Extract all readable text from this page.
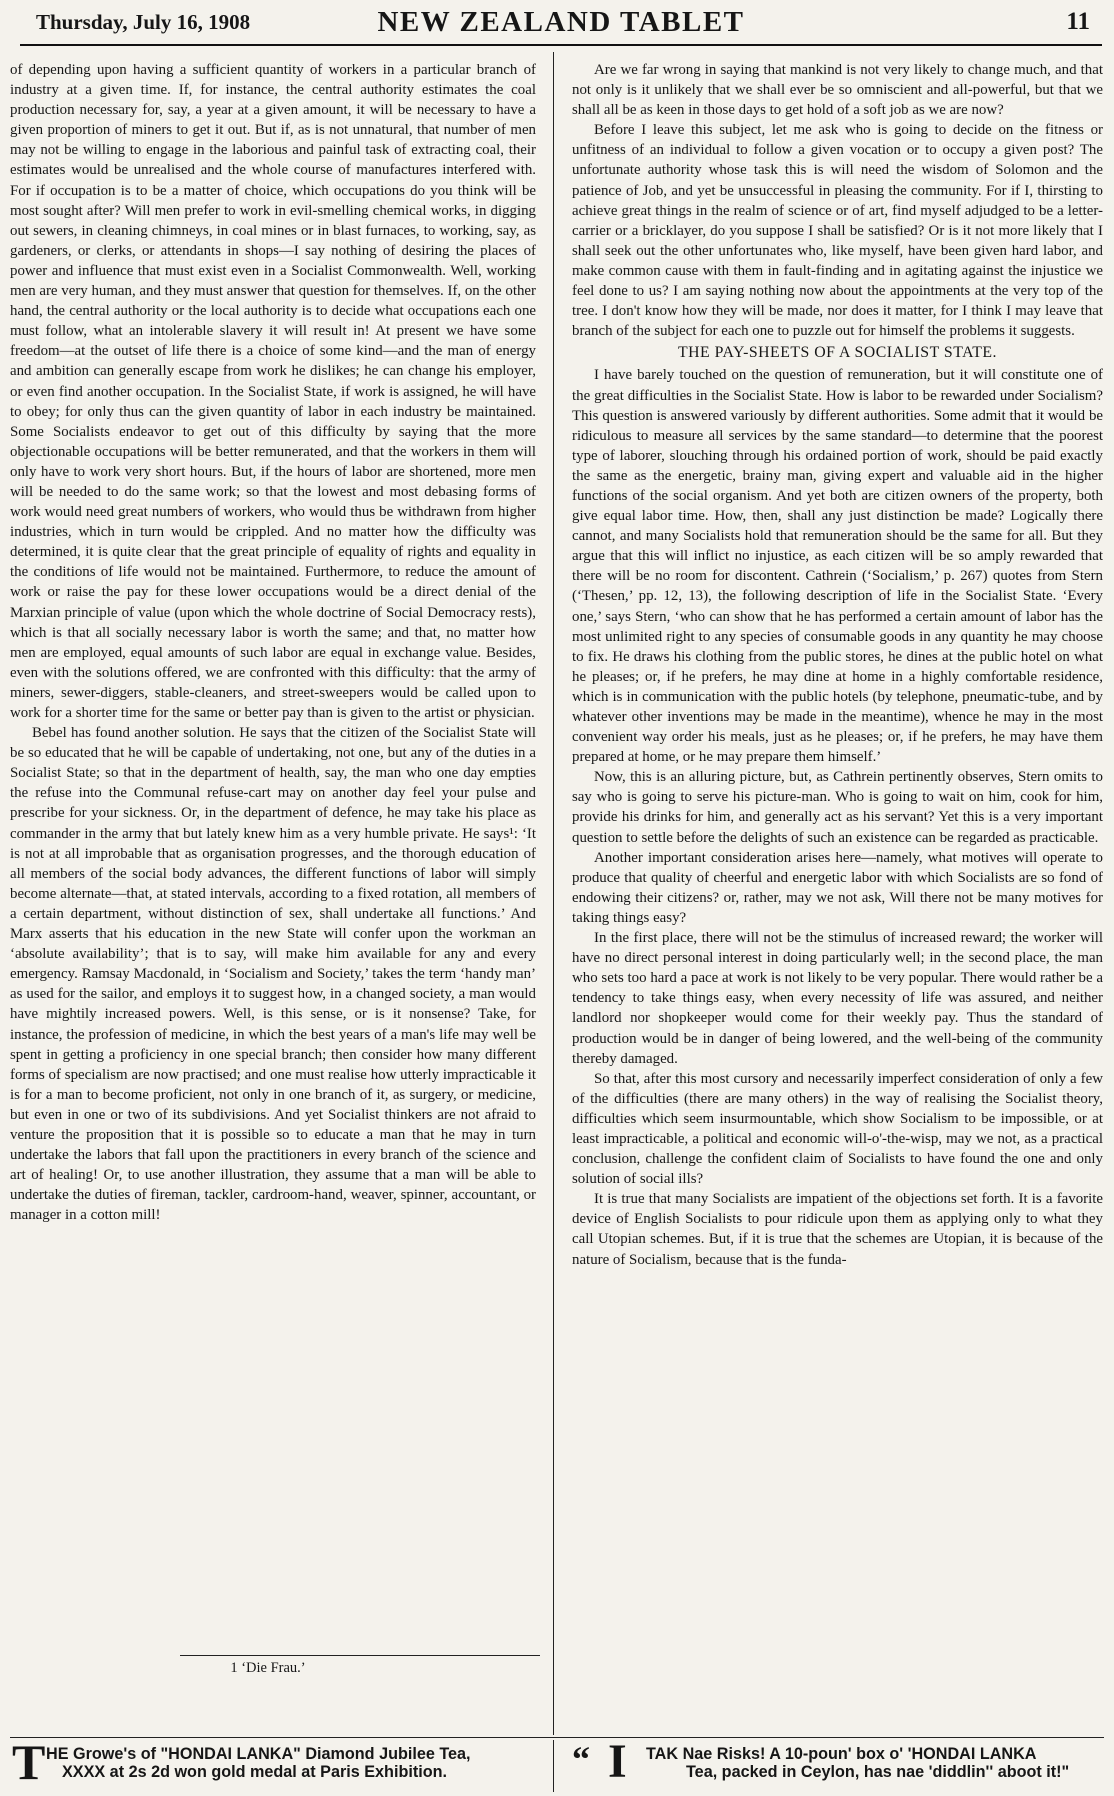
Thursday, July 16, 1908	NEW ZEALAND TABLET	11

of depending upon having a sufficient quantity of workers in a particular branch of industry at a given time. If, for instance, the central authority estimates the coal production necessary for, say, a year at a given amount, it will be necessary to have a given proportion of miners to get it out. But if, as is not unnatural, that number of men may not be willing to engage in the laborious and painful task of extracting coal, their estimates would be unrealised and the whole course of manufactures interfered with. For if occupation is to be a matter of choice, which occupations do you think will be most sought after? Will men prefer to work in evil-smelling chemical works, in digging out sewers, in cleaning chimneys, in coal mines or in blast furnaces, to working, say, as gardeners, or clerks, or attendants in shops—I say nothing of desiring the places of power and influence that must exist even in a Socialist Commonwealth. Well, working men are very human, and they must answer that question for themselves. If, on the other hand, the central authority or the local authority is to decide what occupations each one must follow, what an intolerable slavery it will result in! At present we have some freedom—at the outset of life there is a choice of some kind—and the man of energy and ambition can generally escape from work he dislikes; he can change his employer, or even find another occupation. In the Socialist State, if work is assigned, he will have to obey; for only thus can the given quantity of labor in each industry be maintained. Some Socialists endeavor to get out of this difficulty by saying that the more objectionable occupations will be better remunerated, and that the workers in them will only have to work very short hours. But, if the hours of labor are shortened, more men will be needed to do the same work; so that the lowest and most debasing forms of work would need great numbers of workers, who would thus be withdrawn from higher industries, which in turn would be crippled. And no matter how the difficulty was determined, it is quite clear that the great principle of equality of rights and equality in the conditions of life would not be maintained. Furthermore, to reduce the amount of work or raise the pay for these lower occupations would be a direct denial of the Marxian principle of value (upon which the whole doctrine of Social Democracy rests), which is that all socially necessary labor is worth the same; and that, no matter how men are employed, equal amounts of such labor are equal in exchange value. Besides, even with the solutions offered, we are confronted with this difficulty: that the army of miners, sewer-diggers, stable-cleaners, and street-sweepers would be called upon to work for a shorter time for the same or better pay than is given to the artist or physician.

Bebel has found another solution. He says that the citizen of the Socialist State will be so educated that he will be capable of undertaking, not one, but any of the duties in a Socialist State; so that in the department of health, say, the man who one day empties the refuse into the Communal refuse-cart may on another day feel your pulse and prescribe for your sickness. Or, in the department of defence, he may take his place as commander in the army that but lately knew him as a very humble private. He says¹: ‘It is not at all improbable that as organisation progresses, and the thorough education of all members of the social body advances, the different functions of labor will simply become alternate—that, at stated intervals, according to a fixed rotation, all members of a certain department, without distinction of sex, shall undertake all functions.’ And Marx asserts that his education in the new State will confer upon the workman an ‘absolute availability’; that is to say, will make him available for any and every emergency. Ramsay Macdonald, in ‘Socialism and Society,’ takes the term ‘handy man’ as used for the sailor, and employs it to suggest how, in a changed society, a man would have mightily increased powers. Well, is this sense, or is it nonsense? Take, for instance, the profession of medicine, in which the best years of a man's life may well be spent in getting a proficiency in one special branch; then consider how many different forms of specialism are now practised; and one must realise how utterly impracticable it is for a man to become proficient, not only in one branch of it, as surgery, or medicine, but even in one or two of its subdivisions. And yet Socialist thinkers are not afraid to venture the proposition that it is possible so to educate a man that he may in turn undertake the labors that fall upon the practitioners in every branch of the science and art of healing! Or, to use another illustration, they assume that a man will be able to undertake the duties of fireman, tackler, cardroom-hand, weaver, spinner, accountant, or manager in a cotton mill!

1 ‘Die Frau.’

Are we far wrong in saying that mankind is not very likely to change much, and that not only is it unlikely that we shall ever be so omniscient and all-powerful, but that we shall all be as keen in those days to get hold of a soft job as we are now?

Before I leave this subject, let me ask who is going to decide on the fitness or unfitness of an individual to follow a given vocation or to occupy a given post? The unfortunate authority whose task this is will need the wisdom of Solomon and the patience of Job, and yet be unsuccessful in pleasing the community. For if I, thirsting to achieve great things in the realm of science or of art, find myself adjudged to be a letter-carrier or a bricklayer, do you suppose I shall be satisfied? Or is it not more likely that I shall seek out the other unfortunates who, like myself, have been given hard labor, and make common cause with them in fault-finding and in agitating against the injustice we feel done to us? I am saying nothing now about the appointments at the very top of the tree. I don't know how they will be made, nor does it matter, for I think I may leave that branch of the subject for each one to puzzle out for himself the problems it suggests.

THE PAY-SHEETS OF A SOCIALIST STATE.

I have barely touched on the question of remuneration, but it will constitute one of the great difficulties in the Socialist State. How is labor to be rewarded under Socialism? This question is answered variously by different authorities. Some admit that it would be ridiculous to measure all services by the same standard—to determine that the poorest type of laborer, slouching through his ordained portion of work, should be paid exactly the same as the energetic, brainy man, giving expert and valuable aid in the higher functions of the social organism. And yet both are citizen owners of the property, both give equal labor time. How, then, shall any just distinction be made? Logically there cannot, and many Socialists hold that remuneration should be the same for all. But they argue that this will inflict no injustice, as each citizen will be so amply rewarded that there will be no room for discontent. Cathrein (‘Socialism,’ p. 267) quotes from Stern (‘Thesen,’ pp. 12, 13), the following description of life in the Socialist State. ‘Every one,’ says Stern, ‘who can show that he has performed a certain amount of labor has the most unlimited right to any species of consumable goods in any quantity he may choose to fix. He draws his clothing from the public stores, he dines at the public hotel on what he pleases; or, if he prefers, he may dine at home in a highly comfortable residence, which is in communication with the public hotels (by telephone, pneumatic-tube, and by whatever other inventions may be made in the meantime), whence he may in the most convenient way order his meals, just as he pleases; or, if he prefers, he may have them prepared at home, or he may prepare them himself.’

Now, this is an alluring picture, but, as Cathrein pertinently observes, Stern omits to say who is going to serve his picture-man. Who is going to wait on him, cook for him, provide his drinks for him, and generally act as his servant? Yet this is a very important question to settle before the delights of such an existence can be regarded as practicable.

Another important consideration arises here—namely, what motives will operate to produce that quality of cheerful and energetic labor with which Socialists are so fond of endowing their citizens? or, rather, may we not ask, Will there not be many motives for taking things easy?

In the first place, there will not be the stimulus of increased reward; the worker will have no direct personal interest in doing particularly well; in the second place, the man who sets too hard a pace at work is not likely to be very popular. There would rather be a tendency to take things easy, when every necessity of life was assured, and neither landlord nor shopkeeper would come for their weekly pay. Thus the standard of production would be in danger of being lowered, and the well-being of the community thereby damaged.

So that, after this most cursory and necessarily imperfect consideration of only a few of the difficulties (there are many others) in the way of realising the Socialist theory, difficulties which seem insurmountable, which show Socialism to be impossible, or at least impracticable, a political and economic will-o'-the-wisp, may we not, as a practical conclusion, challenge the confident claim of Socialists to have found the one and only solution of social ills?

It is true that many Socialists are impatient of the objections set forth. It is a favorite device of English Socialists to pour ridicule upon them as applying only to what they call Utopian schemes. But, if it is true that the schemes are Utopian, it is because of the nature of Socialism, because that is the funda-

T HE Growe's of "HONDAI LANKA" Diamond Jubilee Tea,
XXXX at 2s 2d won gold medal at Paris Exhibition.	“ I TAK Nae Risks! A 10-poun' box o' 'HONDAI LANKA
Tea, packed in Ceylon, has nae 'diddlin'' aboot it!"
